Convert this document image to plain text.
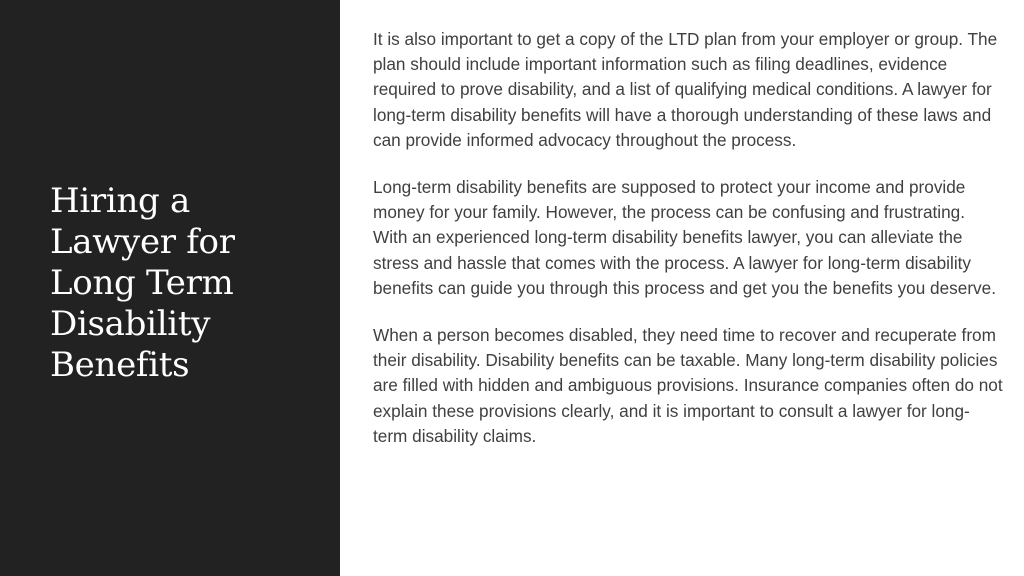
Hiring a Lawyer for Long Term Disability Benefits

It is also important to get a copy of the LTD plan from your employer or group. The plan should include important information such as filing deadlines, evidence required to prove disability, and a list of qualifying medical conditions. A lawyer for long-term disability benefits will have a thorough understanding of these laws and can provide informed advocacy throughout the process.

Long-term disability benefits are supposed to protect your income and provide money for your family. However, the process can be confusing and frustrating. With an experienced long-term disability benefits lawyer, you can alleviate the stress and hassle that comes with the process. A lawyer for long-term disability benefits can guide you through this process and get you the benefits you deserve.

When a person becomes disabled, they need time to recover and recuperate from their disability. Disability benefits can be taxable. Many long-term disability policies are filled with hidden and ambiguous provisions. Insurance companies often do not explain these provisions clearly, and it is important to consult a lawyer for long-term disability claims.
